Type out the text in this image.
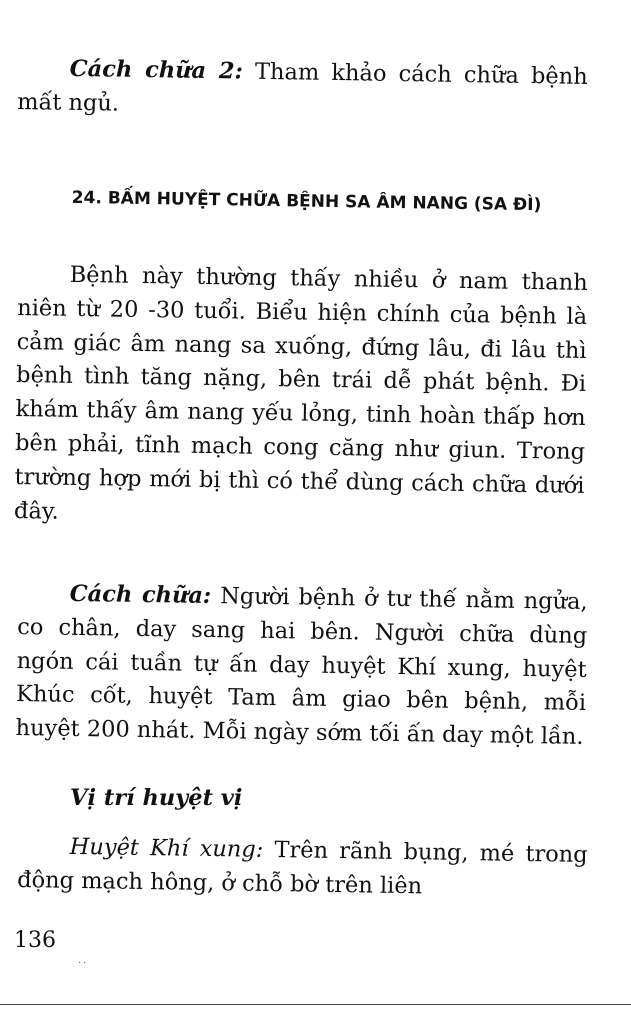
Cách chữa 2: Tham khảo cách chữa bệnh mất ngủ.

24. BẤM HUYỆT CHỮA BỆNH SA ÂM NANG (SA ĐÌ)

Bệnh này thường thấy nhiều ở nam thanh niên từ 20 -30 tuổi. Biểu hiện chính của bệnh là cảm giác âm nang sa xuống, đứng lâu, đi lâu thì bệnh tình tăng nặng, bên trái dễ phát bệnh. Đi khám thấy âm nang yếu lỏng, tinh hoàn thấp hơn bên phải, tĩnh mạch cong căng như giun. Trong trường hợp mới bị thì có thể dùng cách chữa dưới đây.

Cách chữa: Người bệnh ở tư thế nằm ngửa, co chân, day sang hai bên. Người chữa dùng ngón cái tuần tự ấn day huyệt Khí xung, huyệt Khúc cốt, huyệt Tam âm giao bên bệnh, mỗi huyệt 200 nhát. Mỗi ngày sớm tối ấn day một lần.

Vị trí huyệt vị

Huyệt Khí xung: Trên rãnh bụng, mé trong động mạch hông, ở chỗ bờ trên liên

136
..
